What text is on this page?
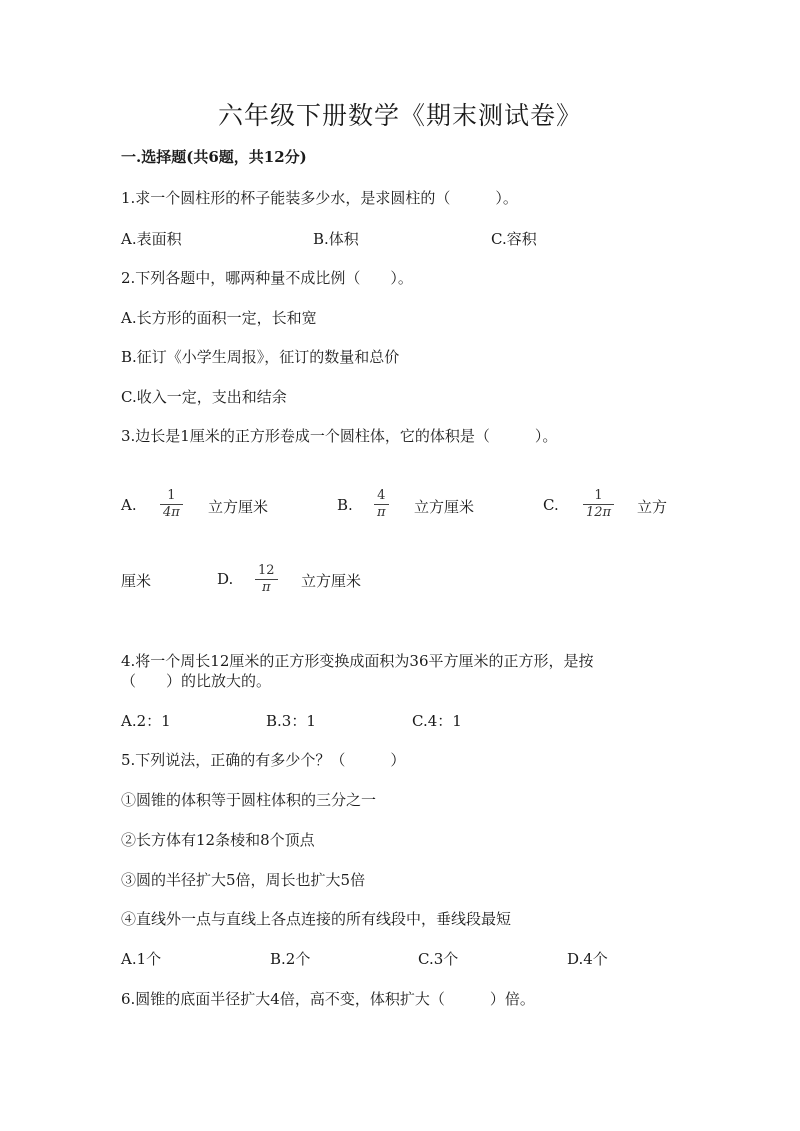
六年级下册数学《期末测试卷》
一.选择题(共6题，共12分)
1.求一个圆柱形的杯子能装多少水，是求圆柱的（　　　）。
A.表面积	B.体积	C.容积
2.下列各题中，哪两种量不成比例（　　）。
A.长方形的面积一定，长和宽
B.征订《小学生周报》，征订的数量和总价
C.收入一定，支出和结余
3.边长是1厘米的正方形卷成一个圆柱体，它的体积是（　　　）。
A.
1
4π 立方厘米	B.
4
π 立方厘米	C.
1
12π 立方
厘米	D. 12
π 立方厘米
4.将一个周长12厘米的正方形变换成面积为36平方厘米的正方形，是按
（　　）的比放大的。
A.2：1	B.3：1	C.4：1
5.下列说法，正确的有多少个？（　　　）
①圆锥的体积等于圆柱体积的三分之一
②长方体有12条棱和8个顶点
③圆的半径扩大5倍，周长也扩大5倍
④直线外一点与直线上各点连接的所有线段中，垂线段最短
A.1个	B.2个	C.3个	D.4个
6.圆锥的底面半径扩大4倍，高不变，体积扩大（　　　）倍。
